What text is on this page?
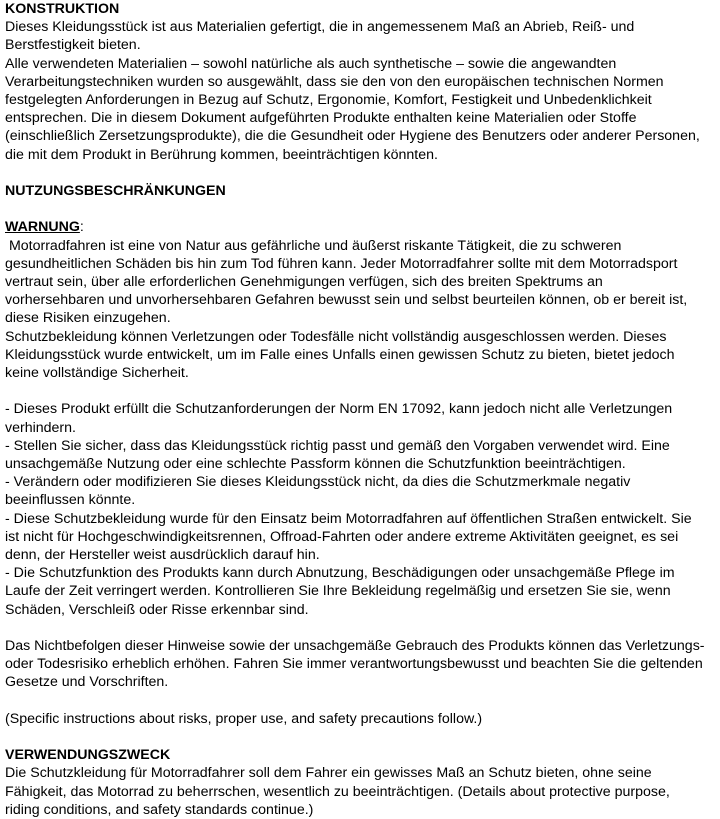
KONSTRUKTION
Dieses Kleidungsstück ist aus Materialien gefertigt, die in angemessenem Maß an Abrieb, Reiß- und
Berstfestigkeit bieten.
Alle verwendeten Materialien – sowohl natürliche als auch synthetische – sowie die angewandten
Verarbeitungstechniken wurden so ausgewählt, dass sie den von den europäischen technischen Normen
festgelegten Anforderungen in Bezug auf Schutz, Ergonomie, Komfort, Festigkeit und Unbedenklichkeit
entsprechen. Die in diesem Dokument aufgeführten Produkte enthalten keine Materialien oder Stoffe
(einschließlich Zersetzungsprodukte), die die Gesundheit oder Hygiene des Benutzers oder anderer Personen,
die mit dem Produkt in Berührung kommen, beeinträchtigen könnten.
NUTZUNGSBESCHRÄNKUNGEN
WARNUNG:
Motorradfahren ist eine von Natur aus gefährliche und äußerst riskante Tätigkeit, die zu schweren
gesundheitlichen Schäden bis hin zum Tod führen kann. Jeder Motorradfahrer sollte mit dem Motorradsport
vertraut sein, über alle erforderlichen Genehmigungen verfügen, sich des breiten Spektrums an
vorhersehbaren und unvorhersehbaren Gefahren bewusst sein und selbst beurteilen können, ob er bereit ist,
diese Risiken einzugehen.
Schutzbekleidung können Verletzungen oder Todesfälle nicht vollständig ausgeschlossen werden. Dieses
Kleidungsstück wurde entwickelt, um im Falle eines Unfalls einen gewissen Schutz zu bieten, bietet jedoch
keine vollständige Sicherheit.
- Dieses Produkt erfüllt die Schutzanforderungen der Norm EN 17092, kann jedoch nicht alle Verletzungen
verhindern.
- Stellen Sie sicher, dass das Kleidungsstück richtig passt und gemäß den Vorgaben verwendet wird. Eine
unsachgemäße Nutzung oder eine schlechte Passform können die Schutzfunktion beeinträchtigen.
- Verändern oder modifizieren Sie dieses Kleidungsstück nicht, da dies die Schutzmerkmale negativ
beeinflussen könnte.
- Diese Schutzbekleidung wurde für den Einsatz beim Motorradfahren auf öffentlichen Straßen entwickelt. Sie
ist nicht für Hochgeschwindigkeitsrennen, Offroad-Fahrten oder andere extreme Aktivitäten geeignet, es sei
denn, der Hersteller weist ausdrücklich darauf hin.
- Die Schutzfunktion des Produkts kann durch Abnutzung, Beschädigungen oder unsachgemäße Pflege im
Laufe der Zeit verringert werden. Kontrollieren Sie Ihre Bekleidung regelmäßig und ersetzen Sie sie, wenn
Schäden, Verschleiß oder Risse erkennbar sind.
Das Nichtbefolgen dieser Hinweise sowie der unsachgemäße Gebrauch des Produkts können das Verletzungs-
oder Todesrisiko erheblich erhöhen. Fahren Sie immer verantwortungsbewusst und beachten Sie die geltenden
Gesetze und Vorschriften.
(Specific instructions about risks, proper use, and safety precautions follow.)
VERWENDUNGSZWECK
Die Schutzkleidung für Motorradfahrer soll dem Fahrer ein gewisses Maß an Schutz bieten, ohne seine
Fähigkeit, das Motorrad zu beherrschen, wesentlich zu beeinträchtigen. (Details about protective purpose,
riding conditions, and safety standards continue.)
